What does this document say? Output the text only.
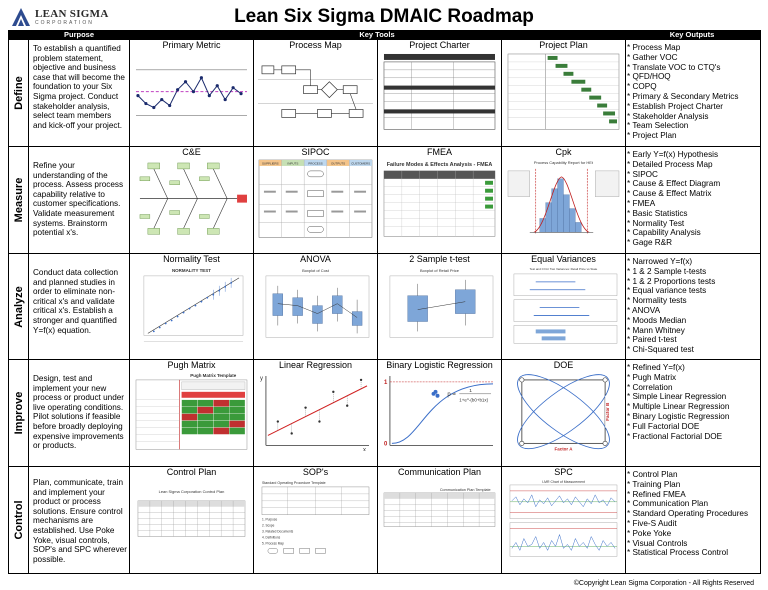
LEAN SIGMA
CORPORATION	Lean Six Sigma DMAIC Roadmap
Purpose	Key Tools	Key Outputs
Define
To establish a quantified problem statement, objective and business case that will become the foundation to your Six Sigma project. Conduct stakeholder analysis, select team members and kick-off your project.
Primary Metric	Process Map	Project Charter	Project Plan
*	Process Map
* Gather VOC
* Translate VOC to CTQ's
* QFD/HOQ
* COPQ
* Primary & Secondary Metrics
* Establish Project Charter
* Stakeholder Analysis
* Team Selection
* Project Plan
Measure
Refine your understanding of the process. Assess process capability relative to customer specifications. Validate measurement systems. Brainstorm potential x's.
C&E	SIPOC
SUPPLIERS	INPUTS	PROCESS	OUTPUTS CUSTOMERS
FMEA
Failure Modes & Effects Analysis - FMEA
Cpk
Process Capability Report for HEt
* Early Y=f(x) Hypothesis
* Detailed Process Map
* SIPOC
* Cause & Effect Diagram
* Cause & Effect Matrix
* FMEA
* Basic Statistics
* Normality Test
* Capability Analysis
* Gage R&R
Analyze
Conduct data collection and planned studies in order to eliminate non-critical x's and validate critical x's. Establish a stronger and quantified Y=f(x) equation.
Normality Test
NORMALITY TEST
ANOVA
Boxplot of Cost
2 Sample t-test
Boxplot of Retail Price
Equal Variances
Test and CI for Two Variances: Retail Price vs State
* Narrowed Y=f(x)
* 1 & 2 Sample t-tests
* 1 & 2 Proportions tests
* Equal variance tests
* Normality tests
* ANOVA
* Moods Median
* Mann Whitney
* Paired t-test
* Chi-Squared test
Improve
Design, test and implement your new process or product under live operating conditions. Pilot solutions if feasible before broadly deploying expensive improvements or products.
Pugh Matrix
Pugh Matrix Template
Linear Regression
y
x
Binary Logistic Regression
1
0
p =
1
1+e^-(b0+b1x)
DOE
Factor B
Factor A
* Refined Y=f(x)
* Pugh Matrix
* Correlation
* Simple Linear Regression
* Multiple Linear Regression
* Binary Logistic Regression
* Full Factorial DOE
* Fractional Factorial DOE
Control
Plan, communicate, train and implement your product or process solutions. Ensure control mechanisms are established. Use Poke Yoke, visual controls, SOP's and SPC wherever possible.
Control Plan
Lean Sigma Corporation Control Plan
SOP's
Standard Operating Procedure Template
1. Purpose
2. Scope
3. Related Documents
4. Definitions
5. Process Map
Communication Plan
Communication Plan Template
SPC
I-MR Chart of Measurement
* Control Plan
* Training Plan
* Refined FMEA
* Communication Plan
* Standard Operating Procedures
* Five-S Audit
* Poke Yoke
* Visual Controls
* Statistical Process Control
©Copyright Lean Sigma Corporation - All Rights Reserved
